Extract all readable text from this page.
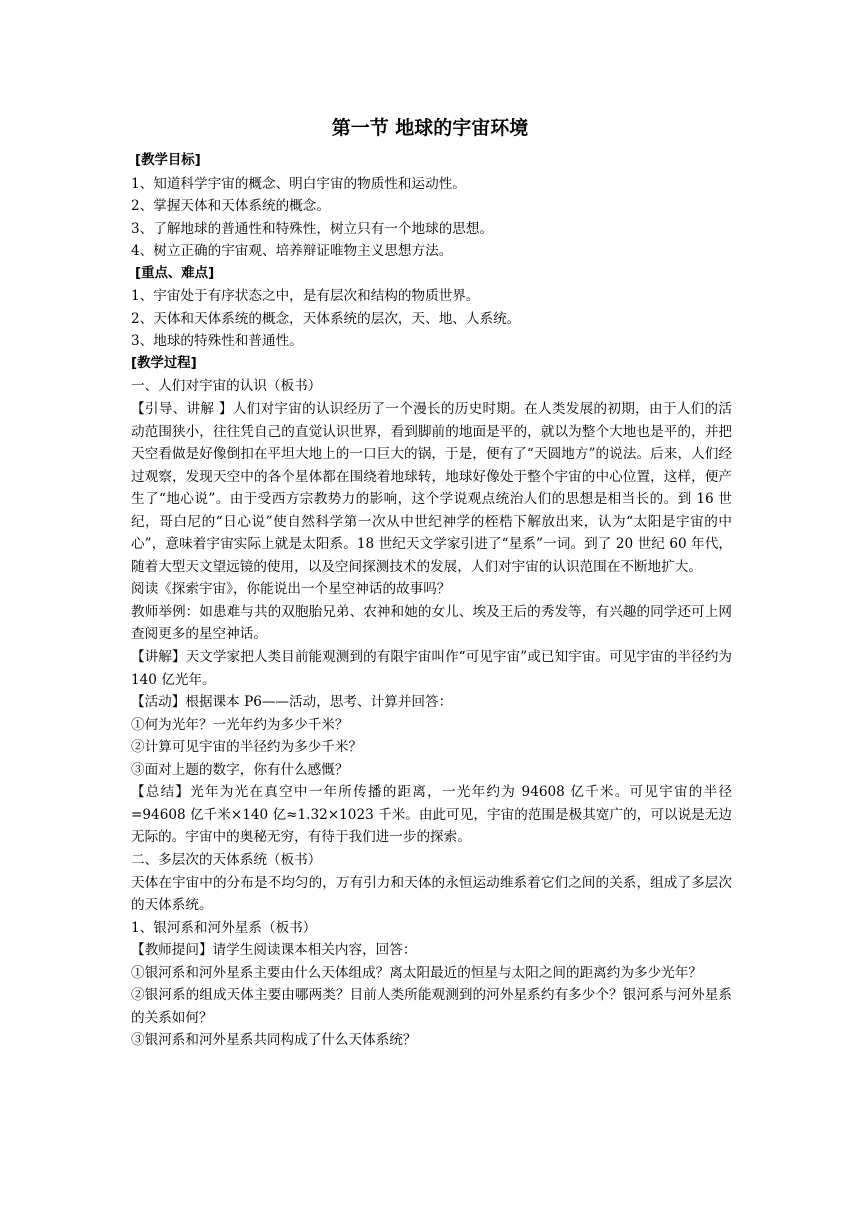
第一节 地球的宇宙环境

[教学目标]

1、知道科学宇宙的概念、明白宇宙的物质性和运动性。

2、掌握天体和天体系统的概念。

3、了解地球的普通性和特殊性，树立只有一个地球的思想。

4、树立正确的宇宙观、培养辩证唯物主义思想方法。

[重点、难点]

1、宇宙处于有序状态之中，是有层次和结构的物质世界。

2、天体和天体系统的概念，天体系统的层次，天、地、人系统。

3、地球的特殊性和普通性。

[教学过程]

一、人们对宇宙的认识（板书）

【引导、讲解 】人们对宇宙的认识经历了一个漫长的历史时期。在人类发展的初期，由于人们的活动范围狭小，往往凭自己的直觉认识世界，看到脚前的地面是平的，就以为整个大地也是平的，并把天空看做是好像倒扣在平坦大地上的一口巨大的锅，于是，便有了“天圆地方”的说法。后来，人们经过观察，发现天空中的各个星体都在围绕着地球转，地球好像处于整个宇宙的中心位置，这样，便产生了“地心说”。由于受西方宗教势力的影响，这个学说观点统治人们的思想是相当长的。到 16 世纪，哥白尼的“日心说”使自然科学第一次从中世纪神学的桎梏下解放出来，认为“太阳是宇宙的中心”，意味着宇宙实际上就是太阳系。18 世纪天文学家引进了“星系”一词。到了 20 世纪 60 年代，随着大型天文望远镜的使用，以及空间探测技术的发展，人们对宇宙的认识范围在不断地扩大。

阅读《探索宇宙》，你能说出一个星空神话的故事吗？

教师举例：如患难与共的双胞胎兄弟、农神和她的女儿、埃及王后的秀发等，有兴趣的同学还可上网查阅更多的星空神话。

【讲解】天文学家把人类目前能观测到的有限宇宙叫作“可见宇宙”或已知宇宙。可见宇宙的半径约为 140 亿光年。

【活动】根据课本 P6——活动，思考、计算并回答：

①何为光年？一光年约为多少千米？

②计算可见宇宙的半径约为多少千米？

③面对上题的数字，你有什么感慨？

【总结】光年为光在真空中一年所传播的距离，一光年约为 94608 亿千米。可见宇宙的半径=94608 亿千米×140 亿≈1.32×1023 千米。由此可见，宇宙的范围是极其宽广的，可以说是无边无际的。宇宙中的奥秘无穷，有待于我们进一步的探索。

二、多层次的天体系统（板书）

天体在宇宙中的分布是不均匀的，万有引力和天体的永恒运动维系着它们之间的关系，组成了多层次的天体系统。

1、银河系和河外星系（板书）

【教师提问】请学生阅读课本相关内容，回答：

①银河系和河外星系主要由什么天体组成？离太阳最近的恒星与太阳之间的距离约为多少光年？

②银河系的组成天体主要由哪两类？目前人类所能观测到的河外星系约有多少个？银河系与河外星系的关系如何？

③银河系和河外星系共同构成了什么天体系统？
